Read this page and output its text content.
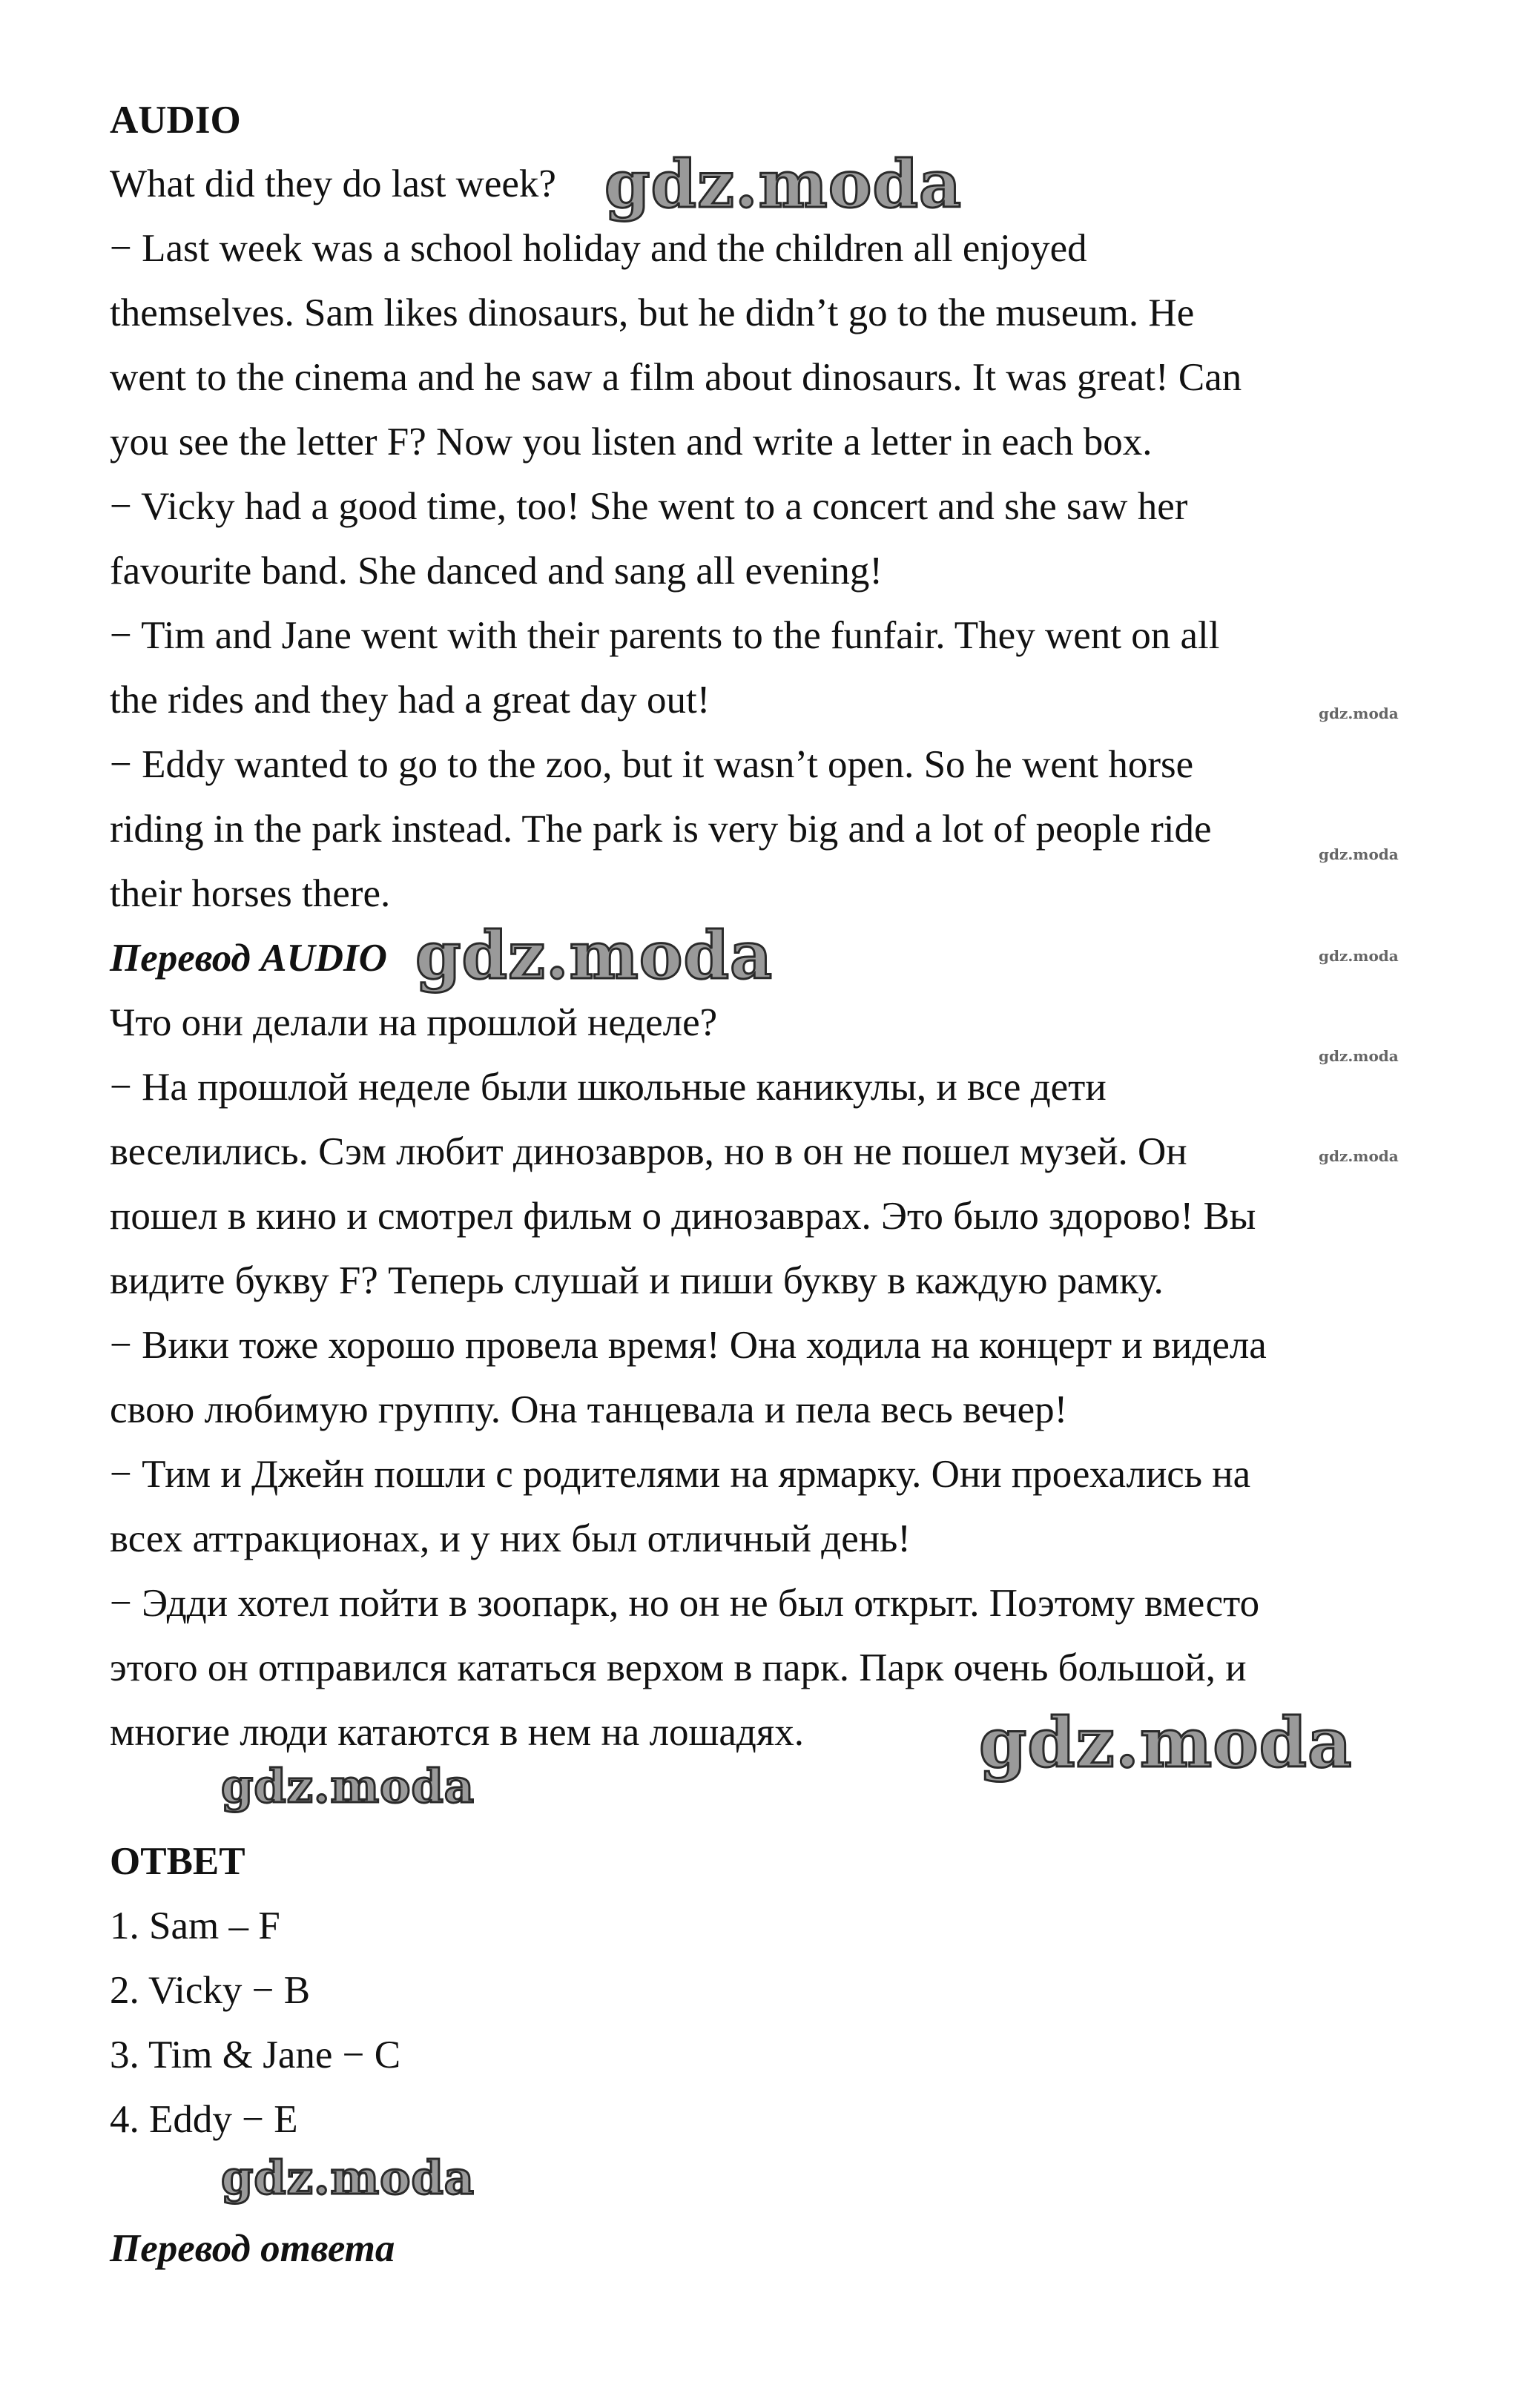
AUDIO
What did they do last week?
− Last week was a school holiday and the children all enjoyed
themselves. Sam likes dinosaurs, but he didn’t go to the museum. He
went to the cinema and he saw a film about dinosaurs. It was great! Can
you see the letter F? Now you listen and write a letter in each box.
− Vicky had a good time, too! She went to a concert and she saw her
favourite band. She danced and sang all evening!
− Tim and Jane went with their parents to the funfair. They went on all
the rides and they had a great day out!
− Eddy wanted to go to the zoo, but it wasn’t open. So he went horse
riding in the park instead. The park is very big and a lot of people ride
their horses there.
Перевод AUDIO
Что они делали на прошлой неделе?
− На прошлой неделе были школьные каникулы, и все дети
веселились. Сэм любит динозавров, но в он не пошел музей. Он
пошел в кино и смотрел фильм о динозаврах. Это было здорово! Вы
видите букву F? Теперь слушай и пиши букву в каждую рамку.
− Вики тоже хорошо провела время! Она ходила на концерт и видела
свою любимую группу. Она танцевала и пела весь вечер!
− Тим и Джейн пошли с родителями на ярмарку. Они проехались на
всех аттракционах, и у них был отличный день!
− Эдди хотел пойти в зоопарк, но он не был открыт. Поэтому вместо
этого он отправился кататься верхом в парк. Парк очень большой, и
многие люди катаются в нем на лошадях.
ОТВЕТ
1. Sam – F
2. Vicky − B
3. Tim & Jane − C
4. Eddy − E
Перевод ответа
gdz.moda
gdz.moda
gdz.moda
gdz.moda
gdz.moda
gdz.moda
gdz.moda
gdz.moda
gdz.moda
gdz.moda
